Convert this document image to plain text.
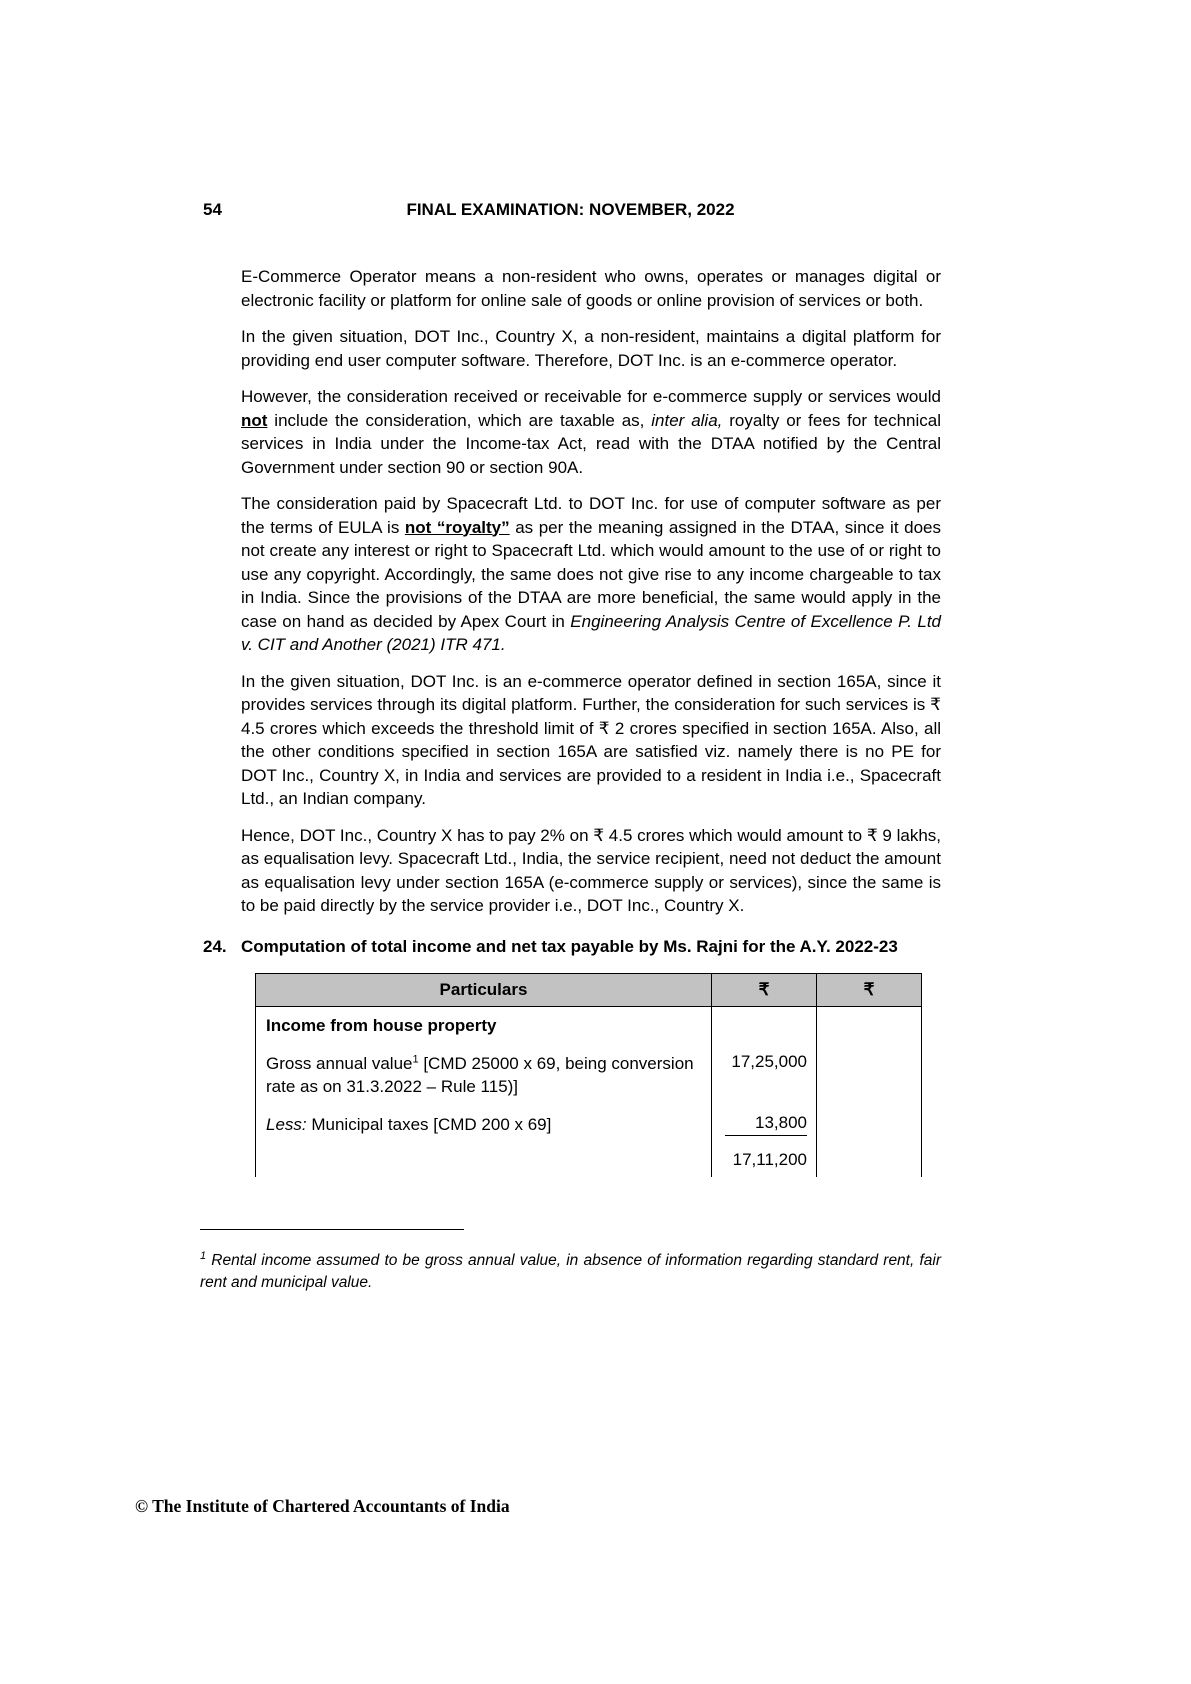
54	FINAL EXAMINATION: NOVEMBER, 2022

E-Commerce Operator means a non-resident who owns, operates or manages digital or electronic facility or platform for online sale of goods or online provision of services or both.

In the given situation, DOT Inc., Country X, a non-resident, maintains a digital platform for providing end user computer software. Therefore, DOT Inc. is an e-commerce operator.

However, the consideration received or receivable for e-commerce supply or services would not include the consideration, which are taxable as, inter alia, royalty or fees for technical services in India under the Income-tax Act, read with the DTAA notified by the Central Government under section 90 or section 90A.

The consideration paid by Spacecraft Ltd. to DOT Inc. for use of computer software as per the terms of EULA is not “royalty” as per the meaning assigned in the DTAA, since it does not create any interest or right to Spacecraft Ltd. which would amount to the use of or right to use any copyright. Accordingly, the same does not give rise to any income chargeable to tax in India. Since the provisions of the DTAA are more beneficial, the same would apply in the case on hand as decided by Apex Court in Engineering Analysis Centre of Excellence P. Ltd v. CIT and Another (2021) ITR 471.

In the given situation, DOT Inc. is an e-commerce operator defined in section 165A, since it provides services through its digital platform. Further, the consideration for such services is ₹ 4.5 crores which exceeds the threshold limit of ₹ 2 crores specified in section 165A. Also, all the other conditions specified in section 165A are satisfied viz. namely there is no PE for DOT Inc., Country X, in India and services are provided to a resident in India i.e., Spacecraft Ltd., an Indian company.

Hence, DOT Inc., Country X has to pay 2% on ₹ 4.5 crores which would amount to ₹ 9 lakhs, as equalisation levy. Spacecraft Ltd., India, the service recipient, need not deduct the amount as equalisation levy under section 165A (e-commerce supply or services), since the same is to be paid directly by the service provider i.e., DOT Inc., Country X.

24. Computation of total income and net tax payable by Ms. Rajni for the A.Y. 2022-23
Particulars	₹	₹
Income from house property		
Gross annual value$^1$ [CMD 25000 x 69, being conversion rate as on 31.3.2022 – Rule 115)]	17,25,000	
Less: Municipal taxes [CMD 200 x 69]	13,800	
	17,11,200	
$^1$ Rental income assumed to be gross annual value, in absence of information regarding standard rent, fair rent and municipal value.
© The Institute of Chartered Accountants of India
